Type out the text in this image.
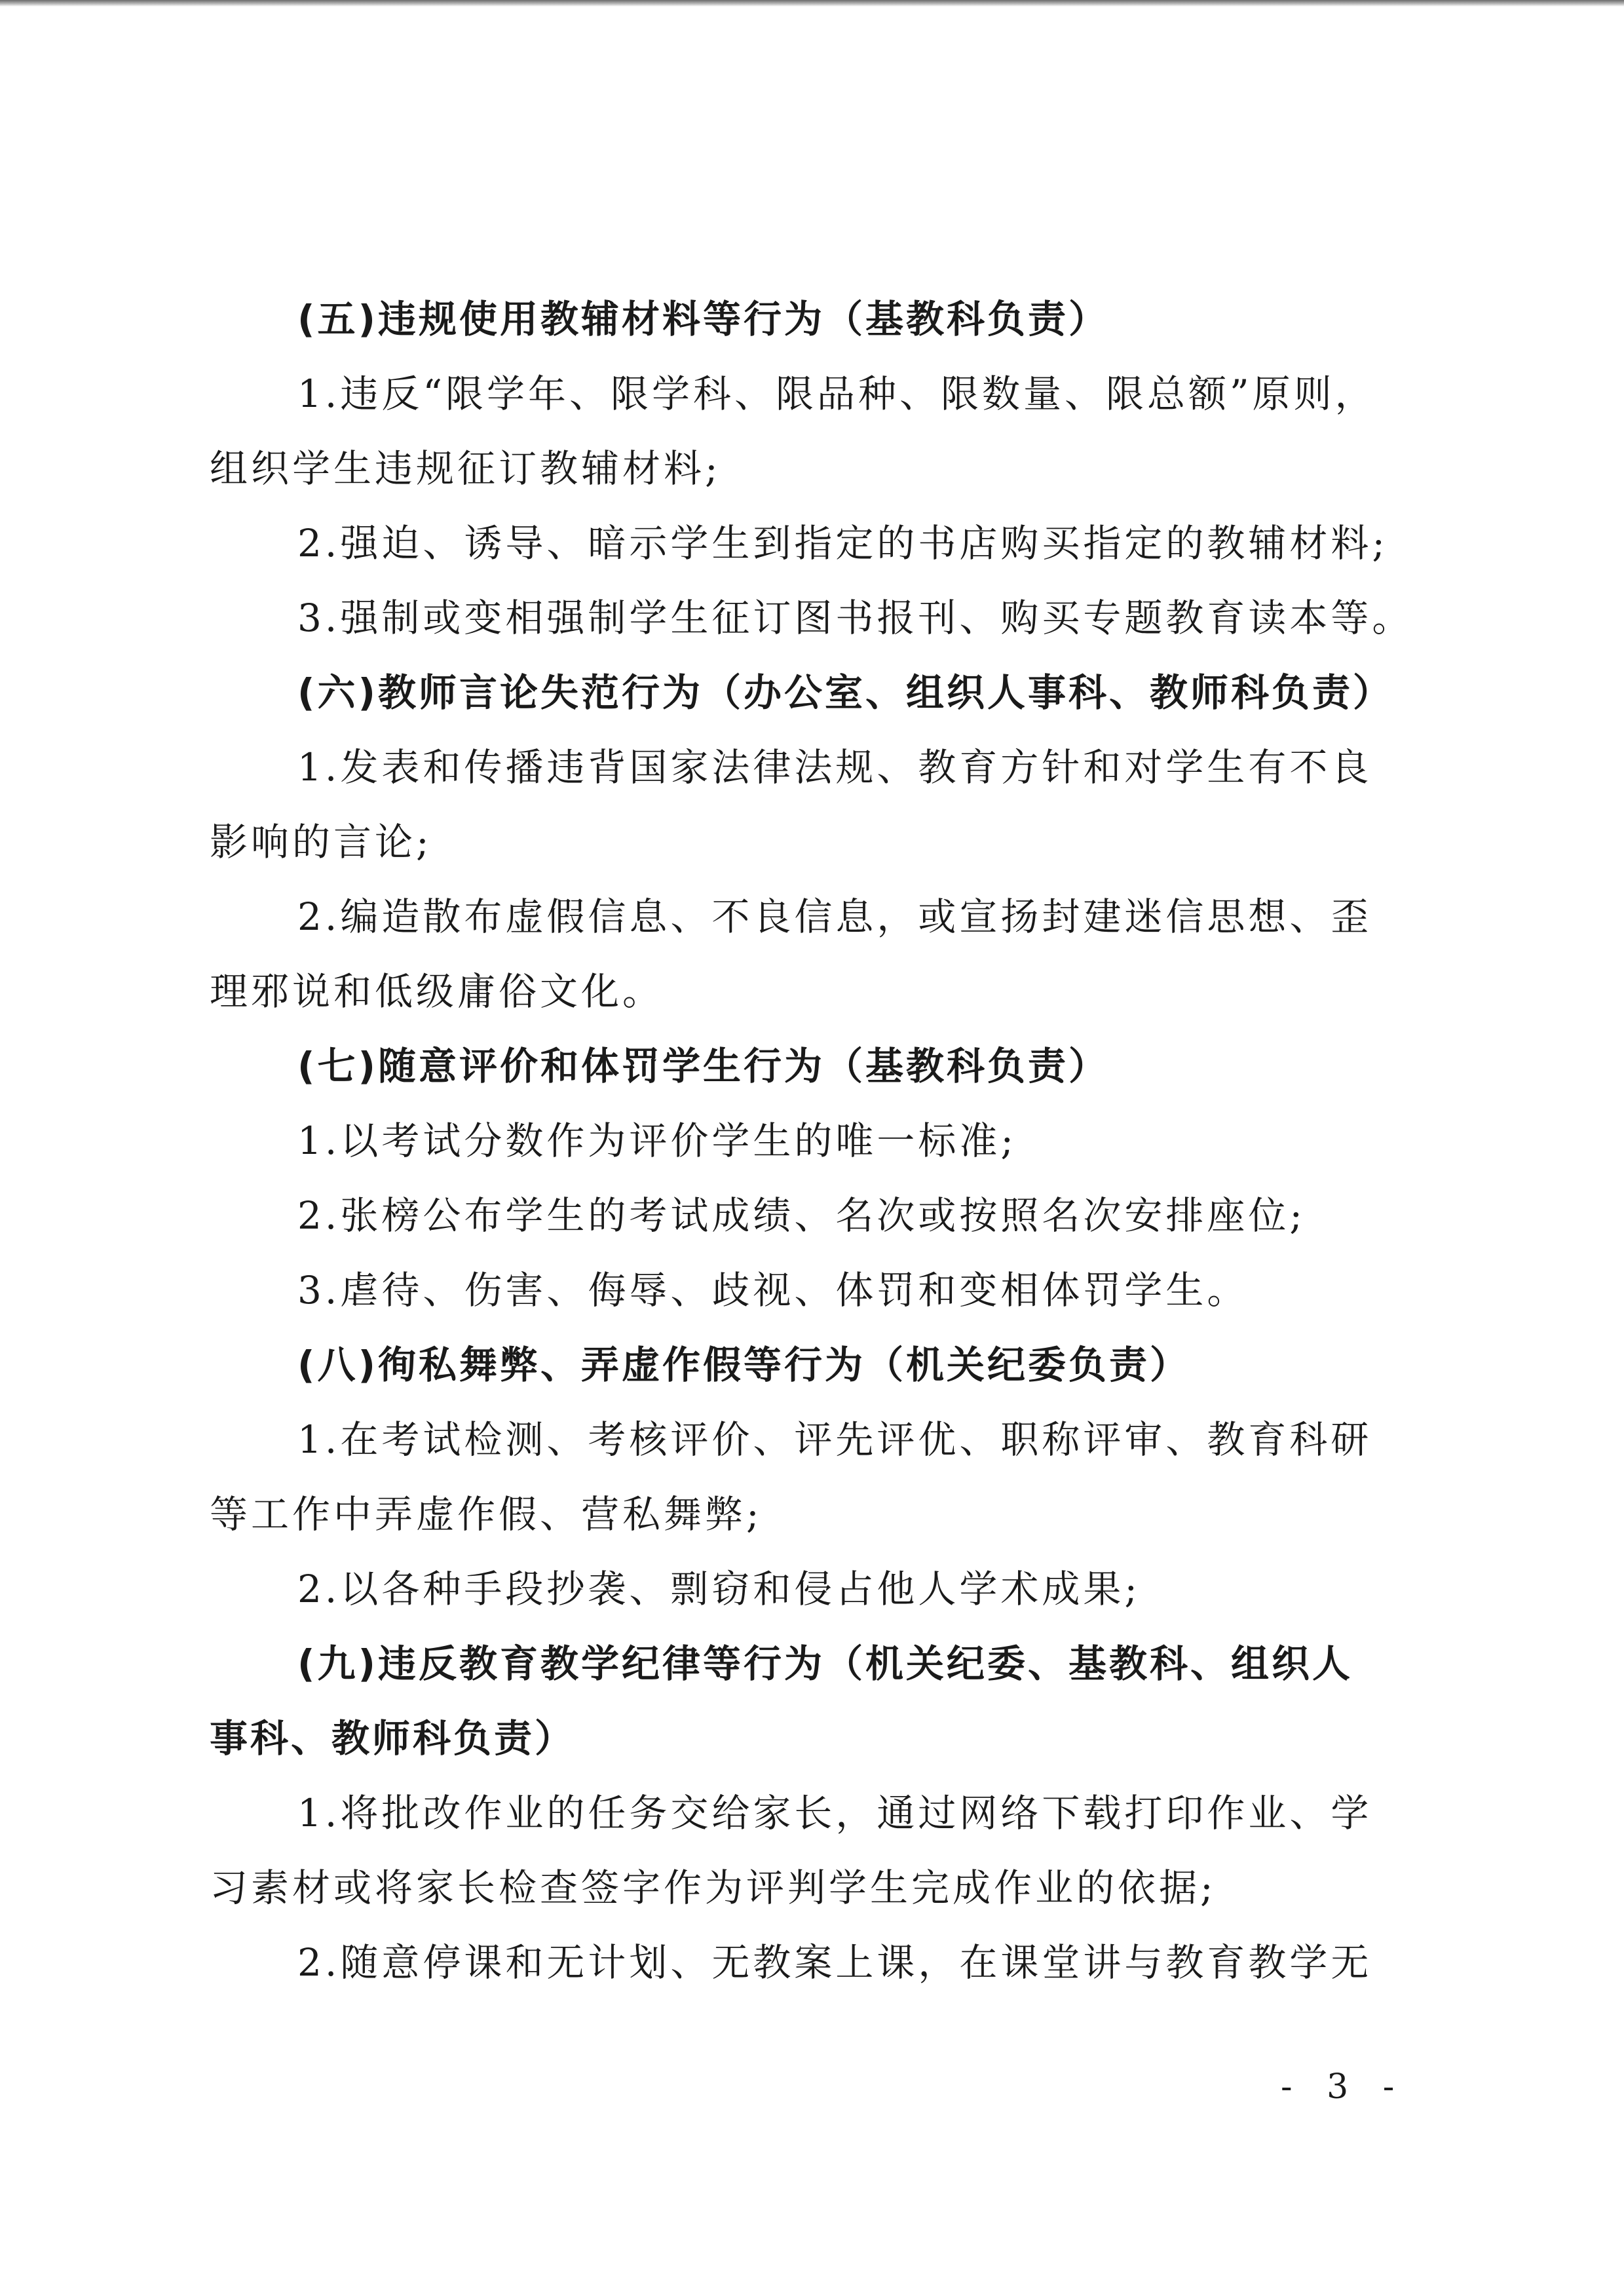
(五)违规使用教辅材料等行为（基教科负责）
1.违反“限学年、限学科、限品种、限数量、限总额”原则，
组织学生违规征订教辅材料;
2.强迫、诱导、暗示学生到指定的书店购买指定的教辅材料;
3.强制或变相强制学生征订图书报刊、购买专题教育读本等。
(六)教师言论失范行为（办公室、组织人事科、教师科负责）
1.发表和传播违背国家法律法规、教育方针和对学生有不良
影响的言论;
2.编造散布虚假信息、不良信息，或宣扬封建迷信思想、歪
理邪说和低级庸俗文化。
(七)随意评价和体罚学生行为（基教科负责）
1.以考试分数作为评价学生的唯一标准;
2.张榜公布学生的考试成绩、名次或按照名次安排座位;
3.虐待、伤害、侮辱、歧视、体罚和变相体罚学生。
(八)徇私舞弊、弄虚作假等行为（机关纪委负责）
1.在考试检测、考核评价、评先评优、职称评审、教育科研
等工作中弄虚作假、营私舞弊;
2.以各种手段抄袭、剽窃和侵占他人学术成果;
(九)违反教育教学纪律等行为（机关纪委、基教科、组织人
事科、教师科负责）
1.将批改作业的任务交给家长，通过网络下载打印作业、学
习素材或将家长检查签字作为评判学生完成作业的依据;
2.随意停课和无计划、无教案上课，在课堂讲与教育教学无
- 3 -
